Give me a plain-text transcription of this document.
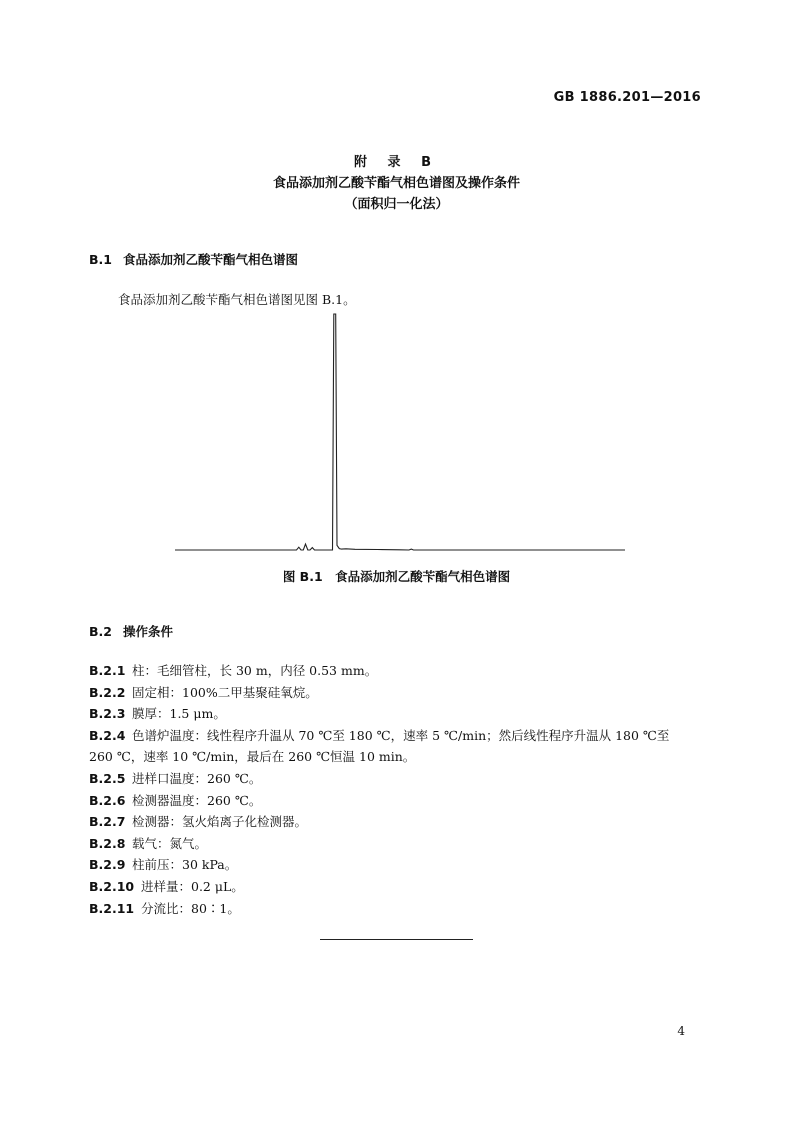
GB 1886.201—2016
附 录 B
食品添加剂乙酸苄酯气相色谱图及操作条件
（面积归一化法）
B.1 食品添加剂乙酸苄酯气相色谱图
食品添加剂乙酸苄酯气相色谱图见图 B.1。
图 B.1　食品添加剂乙酸苄酯气相色谱图
B.2 操作条件
B.2.1 柱：毛细管柱，长 30 m，内径 0.53 mm。
B.2.2 固定相：100%二甲基聚硅氧烷。
B.2.3 膜厚：1.5 μm。
B.2.4 色谱炉温度：线性程序升温从 70 ℃至 180 ℃，速率 5 ℃/min；然后线性程序升温从 180 ℃至
260 ℃，速率 10 ℃/min，最后在 260 ℃恒温 10 min。
B.2.5 进样口温度：260 ℃。
B.2.6 检测器温度：260 ℃。
B.2.7 检测器：氢火焰离子化检测器。
B.2.8 载气：氮气。
B.2.9 柱前压：30 kPa。
B.2.10 进样量：0.2 μL。
B.2.11 分流比：80∶1。
4
